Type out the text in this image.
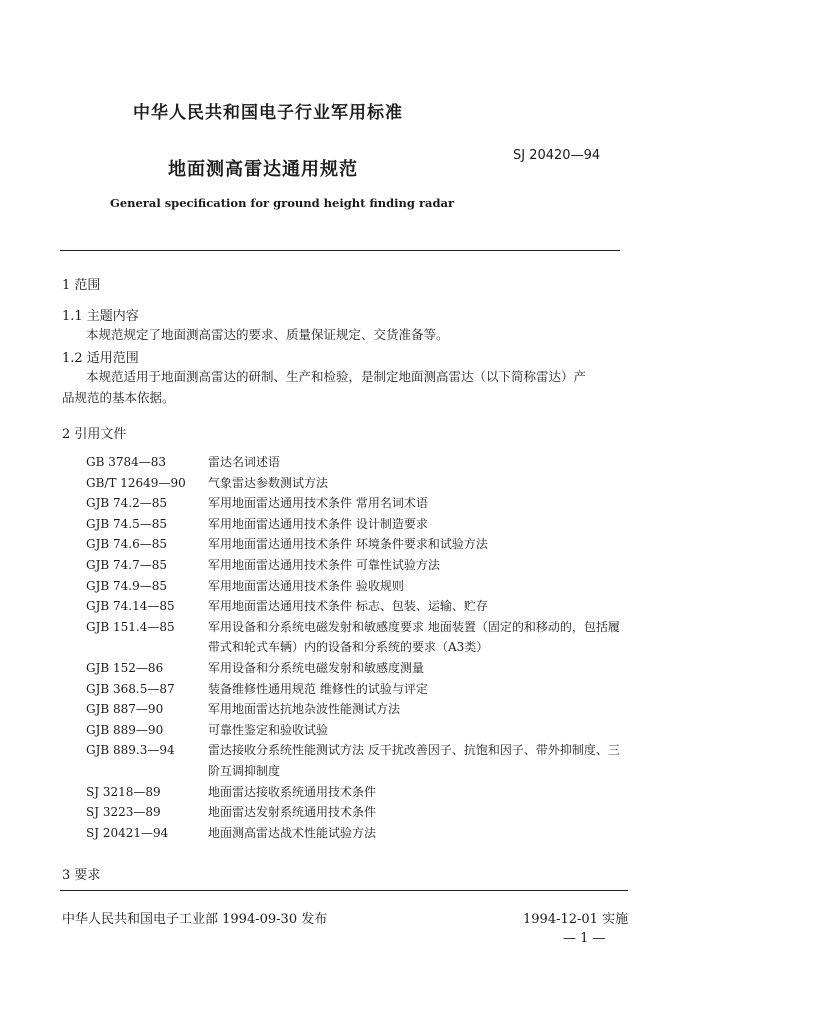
中华人民共和国电子行业军用标准
地面测高雷达通用规范
SJ 20420—94
General specification for ground height finding radar
1 范围
1.1 主题内容
本规范规定了地面测高雷达的要求、质量保证规定、交货准备等。
1.2 适用范围
本规范适用于地面测高雷达的研制、生产和检验，是制定地面测高雷达（以下简称雷达）产
品规范的基本依据。
2 引用文件
GB 3784—83	雷达名词述语
GB/T 12649—90 气象雷达参数测试方法
GJB 74.2—85	军用地面雷达通用技术条件 常用名词术语
GJB 74.5—85	军用地面雷达通用技术条件 设计制造要求
GJB 74.6—85	军用地面雷达通用技术条件 环境条件要求和试验方法
GJB 74.7—85	军用地面雷达通用技术条件 可靠性试验方法
GJB 74.9—85	军用地面雷达通用技术条件 验收规则
GJB 74.14—85	军用地面雷达通用技术条件 标志、包装、运输、贮存
GJB 151.4—85	军用设备和分系统电磁发射和敏感度要求 地面装置（固定的和移动的，包括履带式和轮式车辆）内的设备和分系统的要求（A3类）
GJB 152—86	军用设备和分系统电磁发射和敏感度测量
GJB 368.5—87	装备维修性通用规范 维修性的试验与评定
GJB 887—90	军用地面雷达抗地杂波性能测试方法
GJB 889—90	可靠性鉴定和验收试验
GJB 889.3—94	雷达接收分系统性能测试方法 反干扰改善因子、抗饱和因子、带外抑制度、三阶互调抑制度
SJ 3218—89	地面雷达接收系统通用技术条件
SJ 3223—89	地面雷达发射系统通用技术条件
SJ 20421—94	地面测高雷达战术性能试验方法
3 要求
中华人民共和国电子工业部 1994-09-30 发布	1994-12-01 实施
— 1 —
